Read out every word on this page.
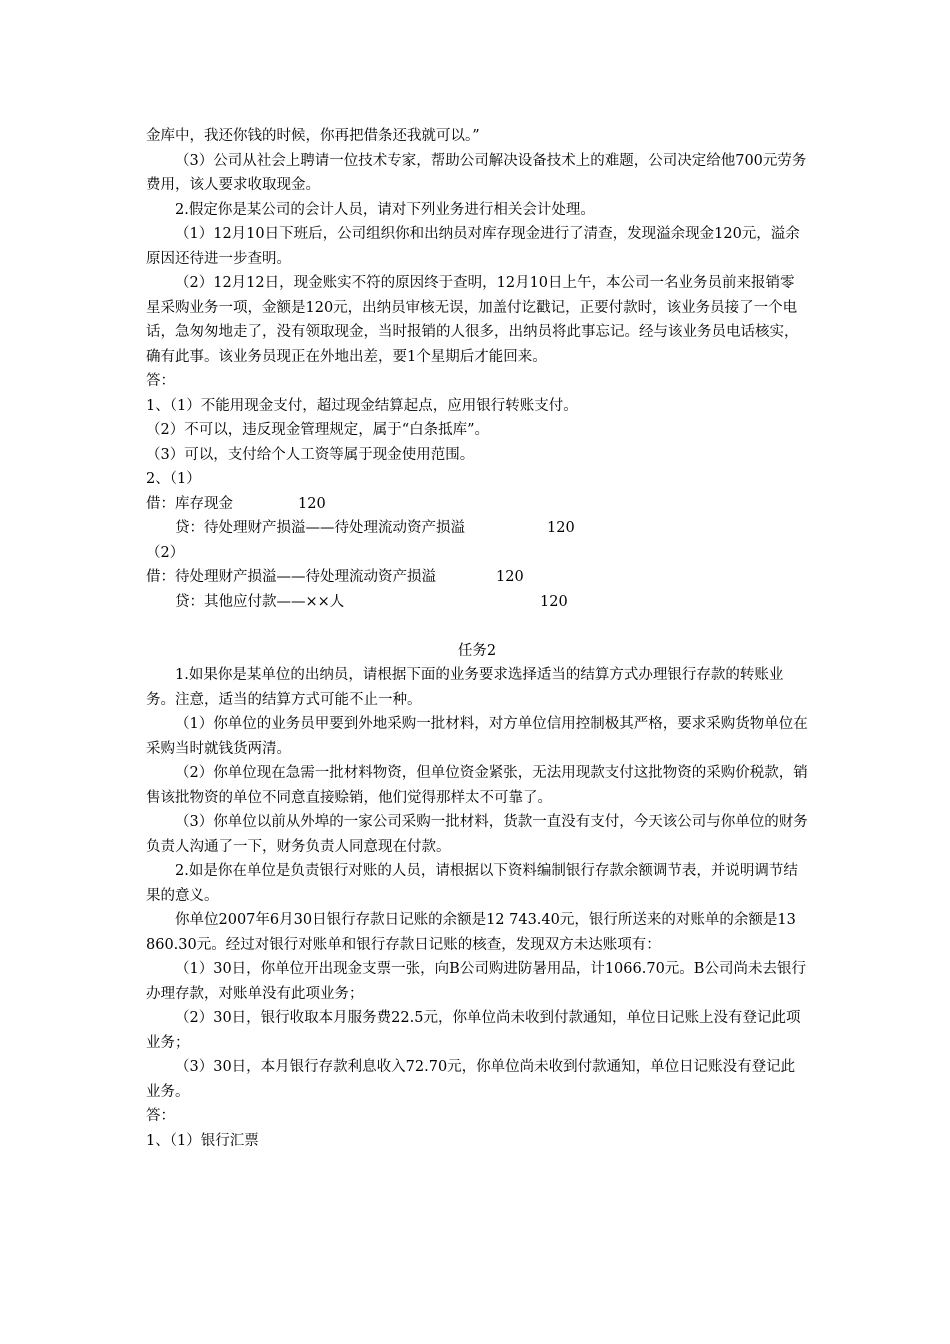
金库中，我还你钱的时候，你再把借条还我就可以。”

（3）公司从社会上聘请一位技术专家，帮助公司解决设备技术上的难题，公司决定给他700元劳务费用，该人要求收取现金。

2.假定你是某公司的会计人员，请对下列业务进行相关会计处理。

（1）12月10日下班后，公司组织你和出纳员对库存现金进行了清查，发现溢余现金120元，溢余原因还待进一步查明。

（2）12月12日，现金账实不符的原因终于查明，12月10日上午，本公司一名业务员前来报销零星采购业务一项，金额是120元，出纳员审核无误，加盖付讫戳记，正要付款时，该业务员接了一个电话，急匆匆地走了，没有领取现金，当时报销的人很多，出纳员将此事忘记。经与该业务员电话核实，确有此事。该业务员现正在外地出差，要1个星期后才能回来。

答：

1、（1）不能用现金支付，超过现金结算起点，应用银行转账支付。

（2）不可以，违反现金管理规定，属于“白条抵库”。

（3）可以，支付给个人工资等属于现金使用范围。

2、（1）

借：库存现金	120
贷：待处理财产损溢——待处理流动资产损溢	120

（2）

借：待处理财产损溢——待处理流动资产损溢	120
贷：其他应付款——××人	120

任务2

1.如果你是某单位的出纳员，请根据下面的业务要求选择适当的结算方式办理银行存款的转账业务。注意，适当的结算方式可能不止一种。

（1）你单位的业务员甲要到外地采购一批材料，对方单位信用控制极其严格，要求采购货物单位在采购当时就钱货两清。

（2）你单位现在急需一批材料物资，但单位资金紧张，无法用现款支付这批物资的采购价税款，销售该批物资的单位不同意直接赊销，他们觉得那样太不可靠了。

（3）你单位以前从外埠的一家公司采购一批材料，货款一直没有支付，今天该公司与你单位的财务负责人沟通了一下，财务负责人同意现在付款。

2.如是你在单位是负责银行对账的人员，请根据以下资料编制银行存款余额调节表，并说明调节结果的意义。

你单位2007年6月30日银行存款日记账的余额是12 743.40元，银行所送来的对账单的余额是13 860.30元。经过对银行对账单和银行存款日记账的核查，发现双方未达账项有：

（1）30日，你单位开出现金支票一张，向B公司购进防暑用品，计1066.70元。B公司尚未去银行办理存款，对账单没有此项业务；

（2）30日，银行收取本月服务费22.5元，你单位尚未收到付款通知，单位日记账上没有登记此项业务；

（3）30日，本月银行存款利息收入72.70元，你单位尚未收到付款通知，单位日记账没有登记此业务。

答：

1、（1）银行汇票
